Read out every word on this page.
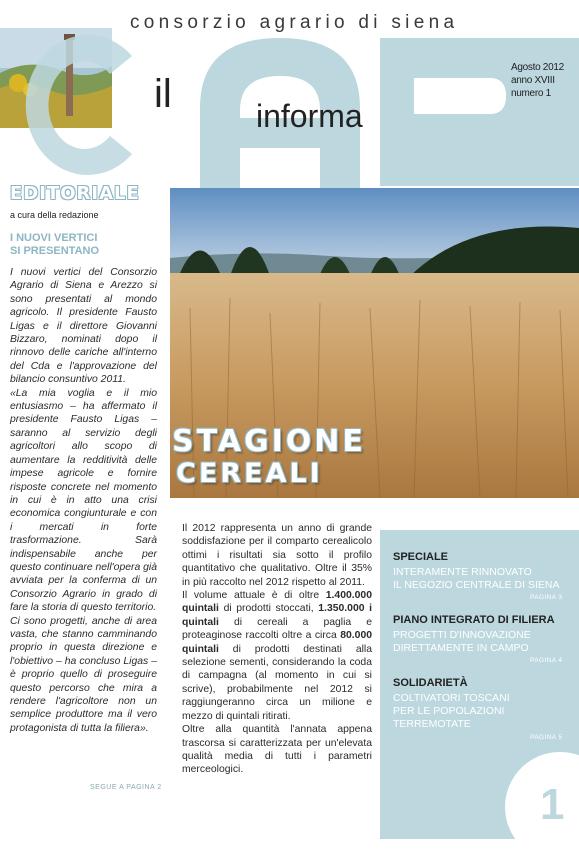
consorzio agrario di siena
il	informa
Agosto 2012
anno XVIII
numero 1
EDITORIALE
a cura della redazione
I NUOVI VERTICI
SI PRESENTANO

I nuovi vertici del Consorzio Agrario di Siena e Arezzo si sono presentati al mondo agricolo. Il presidente Fausto Ligas e il direttore Giovanni Bizzaro, nominati dopo il rinnovo delle cariche all'interno del Cda e l'approvazione del bilancio consuntivo 2011.

«La mia voglia e il mio entusiasmo – ha affermato il presidente Fausto Ligas – saranno al servizio degli agricoltori allo scopo di aumentare la redditività delle impese agricole e fornire risposte concrete nel momento in cui è in atto una crisi economica congiunturale e con i mercati in forte trasformazione. Sarà indispensabile anche per questo continuare nell'opera già avviata per la conferma di un Consorzio Agrario in grado di fare la storia di questo territorio.

Ci sono progetti, anche di area vasta, che stanno camminando proprio in questa direzione e l'obiettivo – ha concluso Ligas – è proprio quello di proseguire questo percorso che mira a rendere l'agricoltore non un semplice produttore ma il vero protagonista di tutta la filiera».

SEGUE A PAGINA 2
STAGIONE
CEREALI

Il 2012 rappresenta un anno di grande soddisfazione per il comparto cerealicolo ottimi i risultati sia sotto il profilo quantitativo che qualitativo. Oltre il 35% in più raccolto nel 2012 rispetto al 2011.

Il volume attuale è di oltre 1.400.000 quintali di prodotti stoccati, 1.350.000 i quintali di cereali a paglia e proteaginose raccolti oltre a circa 80.000 quintali di prodotti destinati alla selezione sementi, considerando la coda di campagna (al momento in cui si scrive), probabilmente nel 2012 si raggiungeranno circa un milione e mezzo di quintali ritirati.

Oltre alla quantità l'annata appena trascorsa si caratterizzata per un'elevata qualità media di tutti i parametri merceologici.

SPECIALE
INTERAMENTE RINNOVATO
IL NEGOZIO CENTRALE DI SIENA
PAGINA 3
PIANO INTEGRATO DI FILIERA
PROGETTI D'INNOVAZIONE
DIRETTAMENTE IN CAMPO
PAGINA 4
SOLIDARIETÀ
COLTIVATORI TOSCANI
PER LE POPOLAZIONI
TERREMOTATE
PAGINA 5
1
